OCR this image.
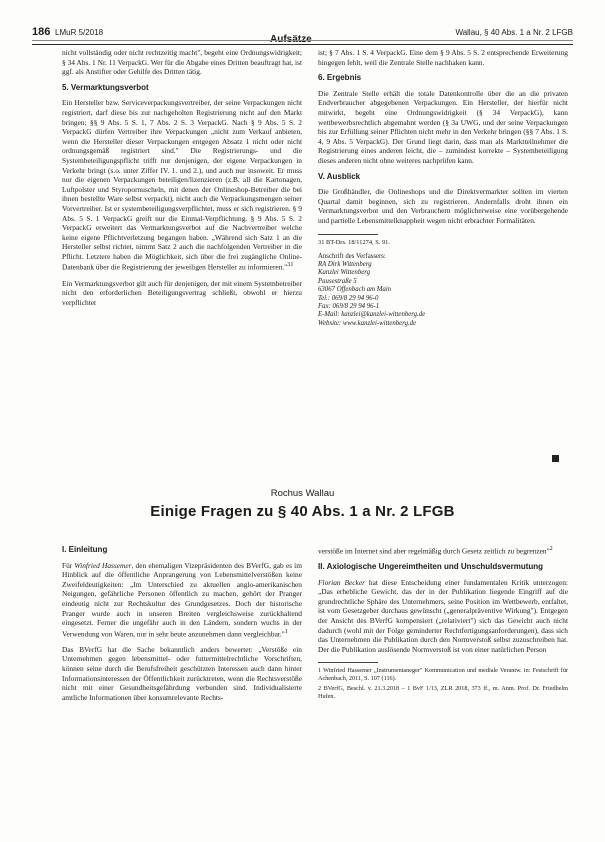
186 LMuR 5/2018	Wallau, § 40 Abs. 1 a Nr. 2 LFGB

nicht vollständig oder nicht rechtzeitig macht", begeht eine Ordnungswidrigkeit; § 34 Abs. 1 Nr. 11 VerpackG. Wer für die Abgabe eines Dritten beauftragt hat, ist ggf. als Anstifter oder Gehilfe des Dritten tätig.

5. Vermarktungsverbot

Ein Hersteller bzw. Serviceverpackungsvertreiber, der seine Verpackungen nicht registriert, darf diese bis zur nachgeholten Registrierung nicht auf den Markt bringen; §§ 9 Abs. 5 S. 1, 7 Abs. 2 S. 3 VerpackG. Nach § 9 Abs. 5 S. 2 VerpackG dürfen Vertreiber ihre Verpackungen „nicht zum Verkauf anbieten, wenn die Hersteller dieser Verpackungen entgegen Absatz 1 nicht oder nicht ordnungsgemäß registriert sind." Die Registrierungs- und die Systembeteiligungspflicht trifft nur denjenigen, der eigene Verpackungen in Verkehr bringt (s.o. unter Ziffer IV. 1. und 2.), und auch nur insoweit. Er muss nur die eigenen Verpackungen beteiligen/lizenzieren (z.B. all die Kartonagen, Luftpolster und Styropornuscheln, mit denen der Onlineshop-Betreiber die bei ihnen bestellte Ware selbst verpackt), nicht auch die Verpackungsmengen seiner Vorvertreiber. Ist er systembeteiligungsverpflichtet, muss er sich registrieren. § 9 Abs. 5 S. 1 VerpackG greift nur die Einmal-Verpflichtung. § 9 Abs. 5 S. 2 VerpackG erweitert das Vermarktungsverbot auf die Nachvertreiber welche keine eigene Pflichtverletzung begangen haben. „Während sich Satz 1 an die Hersteller selbst richtet, nimmt Satz 2 auch die nachfolgenden Vertreiber in die Pflicht. Letztere haben die Möglichkeit, sich über die frei zugängliche Online-Datenbank über die Registrierung der jeweiligen Hersteller zu informieren."$^{31}$

Ein Vermarktungsverbot gilt auch für denjenigen, der mit einem Systembetreiber nicht den erforderlichen Beteiligungsvertrag schließt, obwohl er hierzu verpflichtet

ist; § 7 Abs. 1 S. 4 VerpackG. Eine dem § 9 Abs. 5 S. 2 entsprechende Erweiterung hingegen fehlt, weil die Zentrale Stelle nachhaken kann.

6. Ergebnis

Die Zentrale Stelle erhält die totale Datenkontrolle über die an die privaten Endverbraucher abgegebenen Verpackungen. Ein Hersteller, der hierfür nicht mitwirkt, begeht eine Ordnungswidrigkeit (§ 34 VerpackG), kann wettbewerbsrechtlich abgemahnt werden (§ 3a UWG, und der seine Verpackungen bis zur Erfüllung seiner Pflichten nicht mehr in den Verkehr bringen (§§ 7 Abs. 1 S. 4, 9 Abs. 5 VerpackG). Der Grund liegt darin, dass man als Marktteilnehmer die Registrierung eines anderen leicht, die – zumindest korrekte – Systembeteiligung dieses anderen nicht ohne weiteres nachprüfen kann.

V. Ausblick

Die Großhändler, die Onlineshops und die Direktvermarkter sollten im vierten Quartal damit beginnen, sich zu registrieren. Andernfalls droht ihnen ein Vermarktungsverbot und den Verbrauchern möglicherweise eine vorübergehende und partielle Lebensmittelknappheit wegen nicht erbrachter Formalitäten.

31 BT-Drs. 18/11274, S. 91.
Anschrift des Verfassers:
RA Dirk Wittenberg
Kanzlei Wittenberg
Pausestraße 5
63067 Offenbach am Main
Tel.: 069/8 29 94 96-0
Fax: 069/8 29 94 96-1
E-Mail: kanzlei@kanzlei-wittenberg.de
Website: www.kanzlei-wittenberg.de
Rochus Wallau
Einige Fragen zu § 40 Abs. 1 a Nr. 2 LFGB
I. Einleitung

Für Winfried Hassemer, den ehemaligen Vizepräsidenten des BVerfG, gab es im Hinblick auf die öffentliche Anprangerung von Lebensmittelverstößen keine Zweifeldeutigkeiten: „Im Unterschied zu aktuellen anglo-amerikanischen Neigungen, gefährliche Personen öffentlich zu machen, gehört der Pranger eindeutig nicht zur Rechtskultur des Grundgesetzes. Doch der historische Pranger wurde auch in unseren Breiten vergleichsweise zurückhaltend eingesetzt. Ferner die ungefähr auch in den Ländern, sondern wuchs in der Verwendung von Waren, nur in sehr heute anzunehmen dann vergleichbar."$^1$

Das BVerfG hat die Sache bekanntlich anders bewertet: „Verstöße ein Unternehmen gegen lebensmittel- oder futtermittelrechtliche Vorschriften, können seine durch die Berufsfreiheit geschützten Interessen auch dann hinter Informationsinteressen der Öffentlichkeit zurücktreten, wenn die Rechtsverstöße nicht mit einer Gesundheitsgefährdung verbunden sind. Individualisierte amtliche Informationen über konsumrelevante Rechts-

verstöße im Internet sind aber regelmäßig durch Gesetz zeitlich zu begrenzen"$^2$

II. Axiologische Ungereimtheiten und Unschuldsvermutung

Florian Becker hat diese Entscheidung einer fundamentalen Kritik unterzogen: „Das erhebliche Gewicht, das der in der Publikation liegende Eingriff auf die grundrechtliche Sphäre des Unternehmers, seine Position im Wettbewerb, entfaltet, ist vom Gesetzgeber durchaus gewünscht („generalpräventive Wirkung"). Entgegen der Ansicht des BVerfG kompensiert („relativiert") sich das Gewicht auch nicht dadurch (wohl mit der Folge geminderter Rechtfertigungsanforderungen), dass sich das Unternehmen die Publikation durch den Normverstoß selbst zuzuschreiben hat. Der die Publikation auslösende Normverstoß ist von einer natürlichen Person

1 Winfried Hassemer „Instrumentaneger" Kommunication und mediale Verantw. in: Festschrift für Achenbach, 2011, S. 107 (116).
2 BVerfG, Beschl. v. 21.3.2018 – 1 BvF 1/13, ZLR 2018, 373 ff., m. Anm. Prof. Dr. Friedhelm Hufen.
